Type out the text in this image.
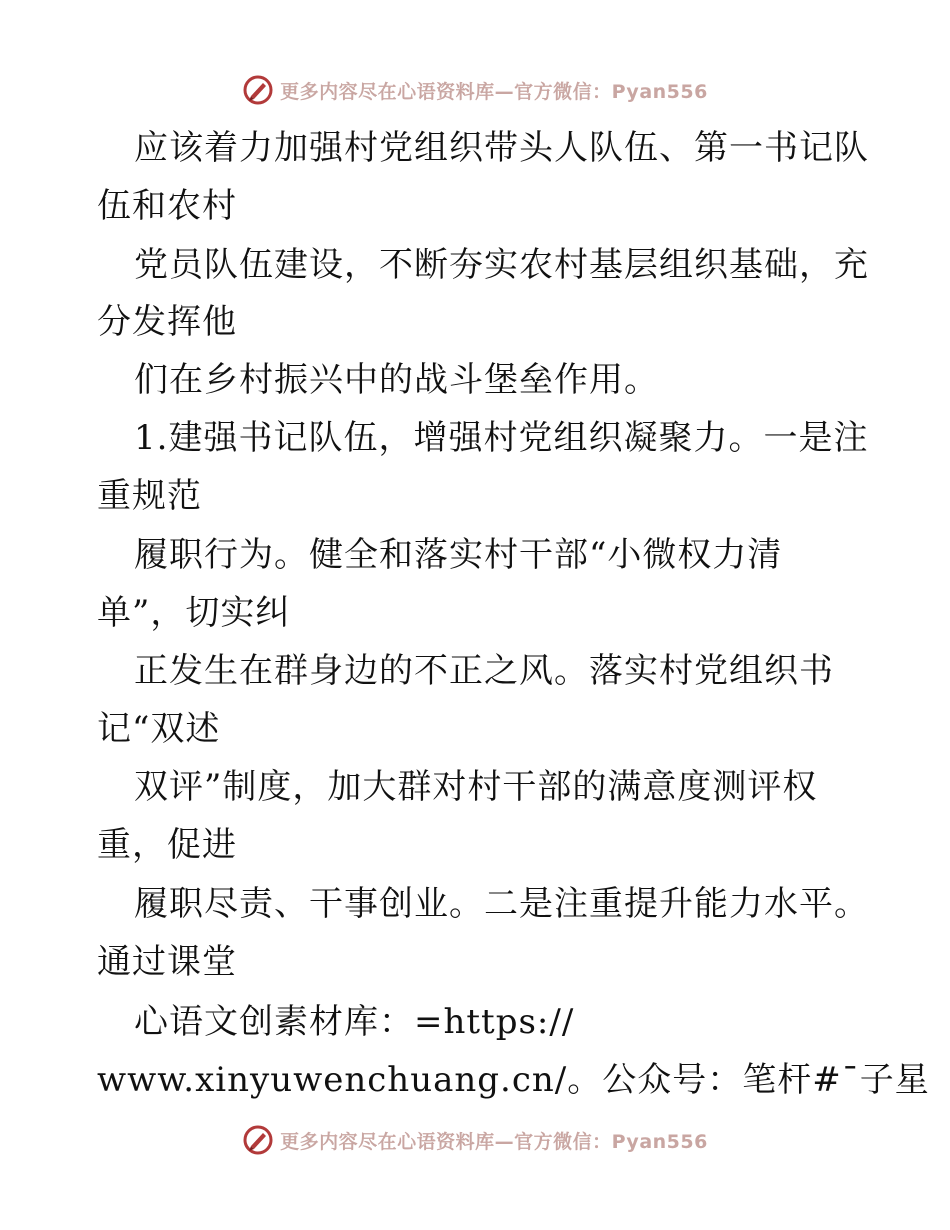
更多内容尽在心语资料库—官方微信：Pyan556
应该着力加强村党组织带头人队伍、第一书记队
伍和农村
党员队伍建设，不断夯实农村基层组织基础，充
分发挥他
们在乡村振兴中的战斗堡垒作用。
1.建强书记队伍，增强村党组织凝聚力。一是注
重规范
履职行为。健全和落实村干部“小微权力清
单”，切实纠
正发生在群身边的不正之风。落实村党组织书
记“双述
双评”制度，加大群对村干部的满意度测评权
重，促进
履职尽责、干事创业。二是注重提升能力水平。
通过课堂
心语文创素材库：=https://
www.xinyuwenchuang.cn/。公众号：笔杆#¯子星
更多内容尽在心语资料库—官方微信：Pyan556
